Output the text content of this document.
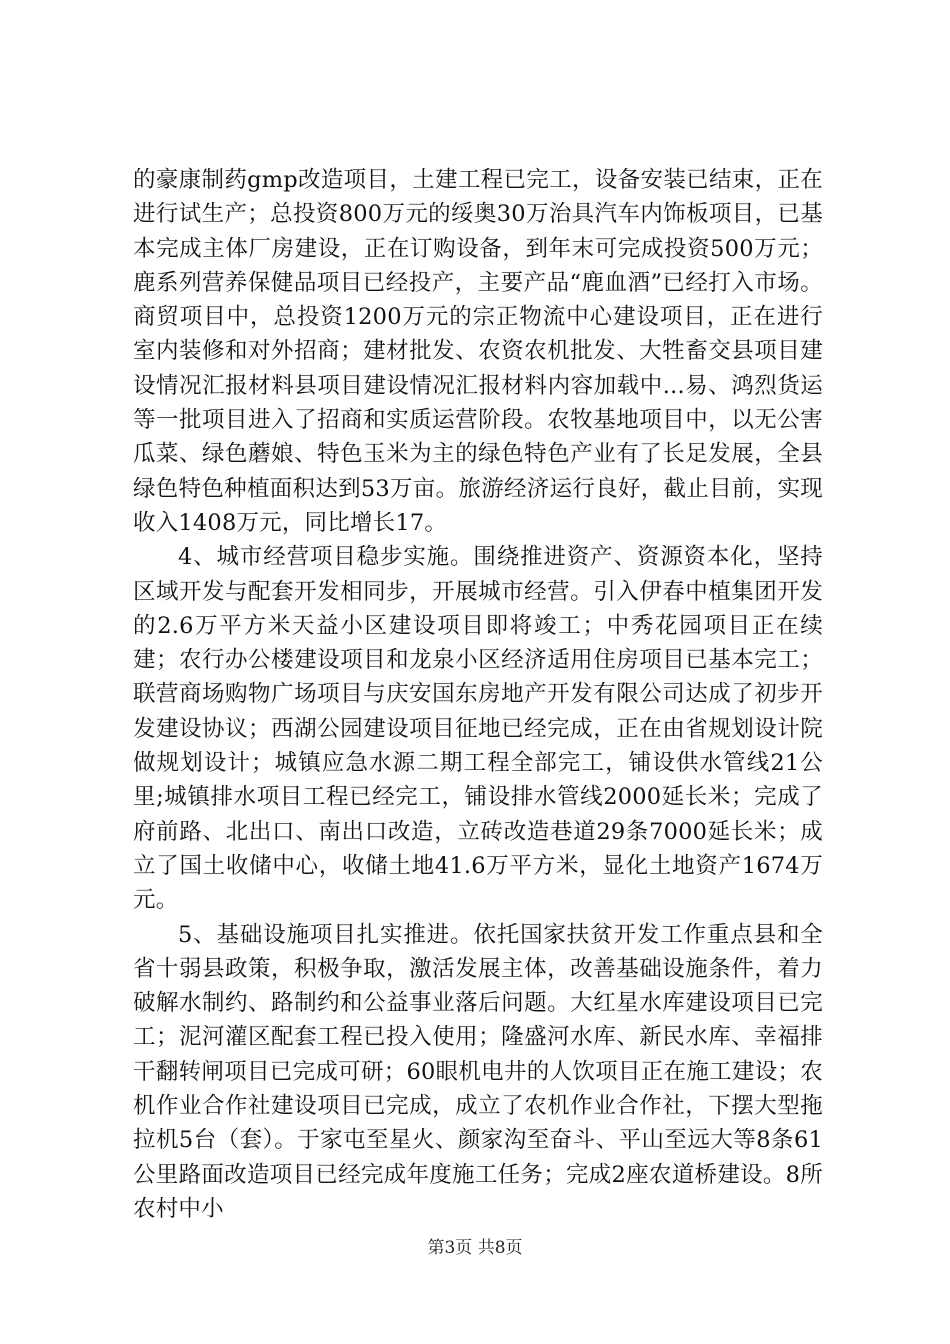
的豪康制药gmp改造项目，土建工程已完工，设备安装已结束，正在进行试生产；总投资800万元的绥奥30万治具汽车内饰板项目，已基本完成主体厂房建设，正在订购设备，到年末可完成投资500万元；鹿系列营养保健品项目已经投产，主要产品“鹿血酒”已经打入市场。商贸项目中，总投资1200万元的宗正物流中心建设项目，正在进行室内装修和对外招商；建材批发、农资农机批发、大牲畜交县项目建设情况汇报材料县项目建设情况汇报材料内容加载中...易、鸿烈货运等一批项目进入了招商和实质运营阶段。农牧基地项目中，以无公害瓜菜、绿色蘑娘、特色玉米为主的绿色特色产业有了长足发展，全县绿色特色种植面积达到53万亩。旅游经济运行良好，截止目前，实现收入1408万元，同比增长17。

4、城市经营项目稳步实施。围绕推进资产、资源资本化，坚持区域开发与配套开发相同步，开展城市经营。引入伊春中植集团开发的2.6万平方米天益小区建设项目即将竣工；中秀花园项目正在续建；农行办公楼建设项目和龙泉小区经济适用住房项目已基本完工；联营商场购物广场项目与庆安国东房地产开发有限公司达成了初步开发建设协议；西湖公园建设项目征地已经完成，正在由省规划设计院做规划设计；城镇应急水源二期工程全部完工，铺设供水管线21公里;城镇排水项目工程已经完工，铺设排水管线2000延长米；完成了府前路、北出口、南出口改造，立砖改造巷道29条7000延长米；成立了国土收储中心，收储土地41.6万平方米，显化土地资产1674万元。

5、基础设施项目扎实推进。依托国家扶贫开发工作重点县和全省十弱县政策，积极争取，激活发展主体，改善基础设施条件，着力破解水制约、路制约和公益事业落后问题。大红星水库建设项目已完工；泥河灌区配套工程已投入使用；隆盛河水库、新民水库、幸福排干翻转闸项目已完成可研；60眼机电井的人饮项目正在施工建设；农机作业合作社建设项目已完成，成立了农机作业合作社，下摆大型拖拉机5台（套）。于家屯至星火、颜家沟至奋斗、平山至远大等8条61公里路面改造项目已经完成年度施工任务；完成2座农道桥建设。8所农村中小

第3页 共8页
